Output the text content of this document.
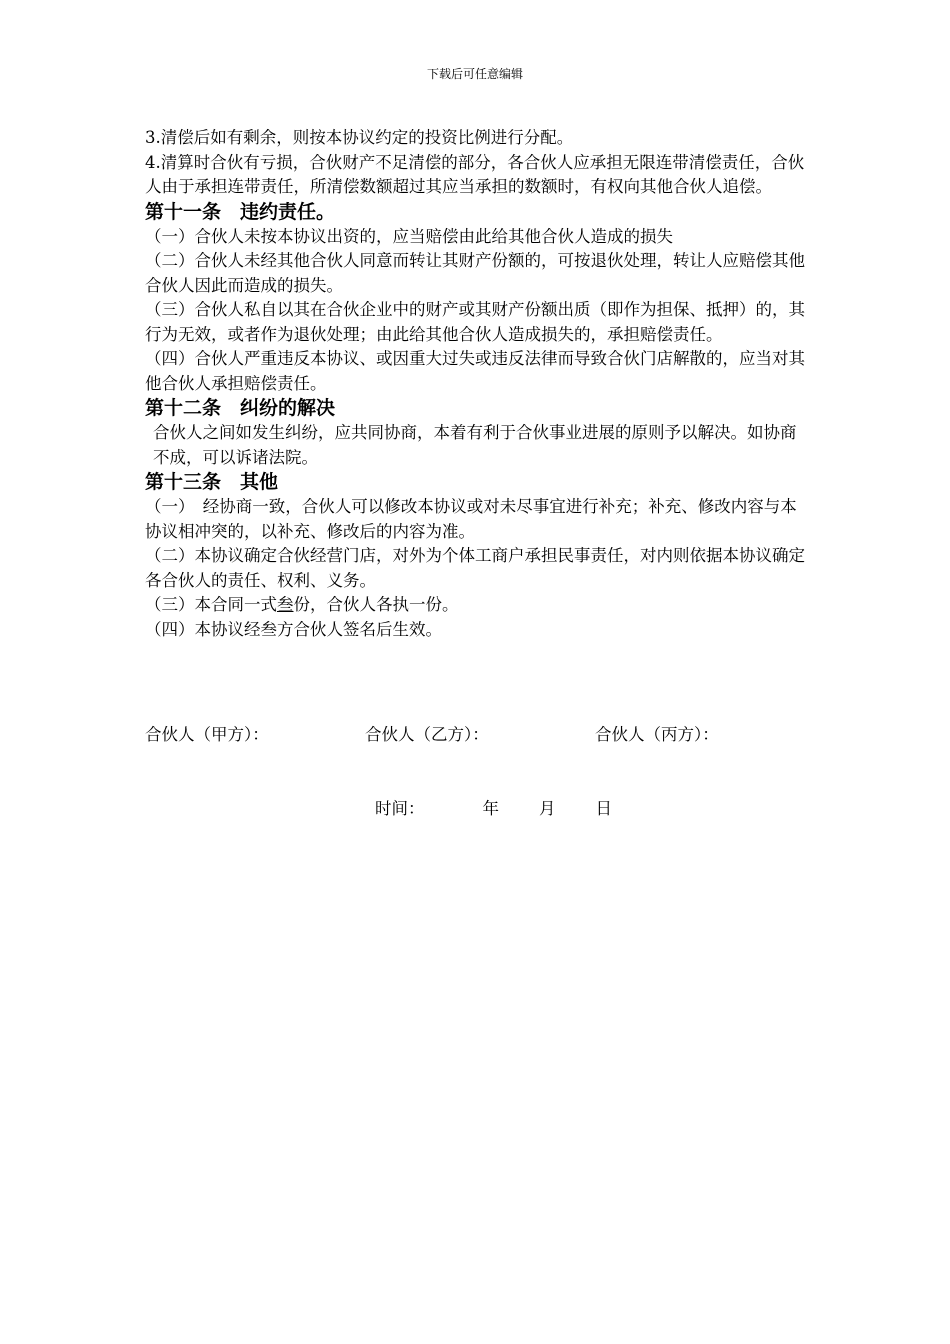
下载后可任意编辑

3.清偿后如有剩余，则按本协议约定的投资比例进行分配。

4.清算时合伙有亏损，合伙财产不足清偿的部分，各合伙人应承担无限连带清偿责任，合伙人由于承担连带责任，所清偿数额超过其应当承担的数额时，有权向其他合伙人追偿。

第十一条　违约责任。

（一）合伙人未按本协议出资的，应当赔偿由此给其他合伙人造成的损失

（二）合伙人未经其他合伙人同意而转让其财产份额的，可按退伙处理，转让人应赔偿其他合伙人因此而造成的损失。

（三）合伙人私自以其在合伙企业中的财产或其财产份额出质（即作为担保、抵押）的，其行为无效，或者作为退伙处理；由此给其他合伙人造成损失的，承担赔偿责任。

（四）合伙人严重违反本协议、或因重大过失或违反法律而导致合伙门店解散的，应当对其他合伙人承担赔偿责任。

第十二条　纠纷的解决

合伙人之间如发生纠纷，应共同协商，本着有利于合伙事业进展的原则予以解决。如协商不成，可以诉诸法院。

第十三条　其他

（一）　经协商一致，合伙人可以修改本协议或对未尽事宜进行补充；补充、修改内容与本协议相冲突的，以补充、修改后的内容为准。

（二）本协议确定合伙经营门店，对外为个体工商户承担民事责任，对内则依据本协议确定各合伙人的责任、权利、义务。

（三）本合同一式叁份，合伙人各执一份。

（四）本协议经叁方合伙人签名后生效。

合伙人（甲方）：	合伙人（乙方）：	合伙人（丙方）：
时间：	年 月 日
